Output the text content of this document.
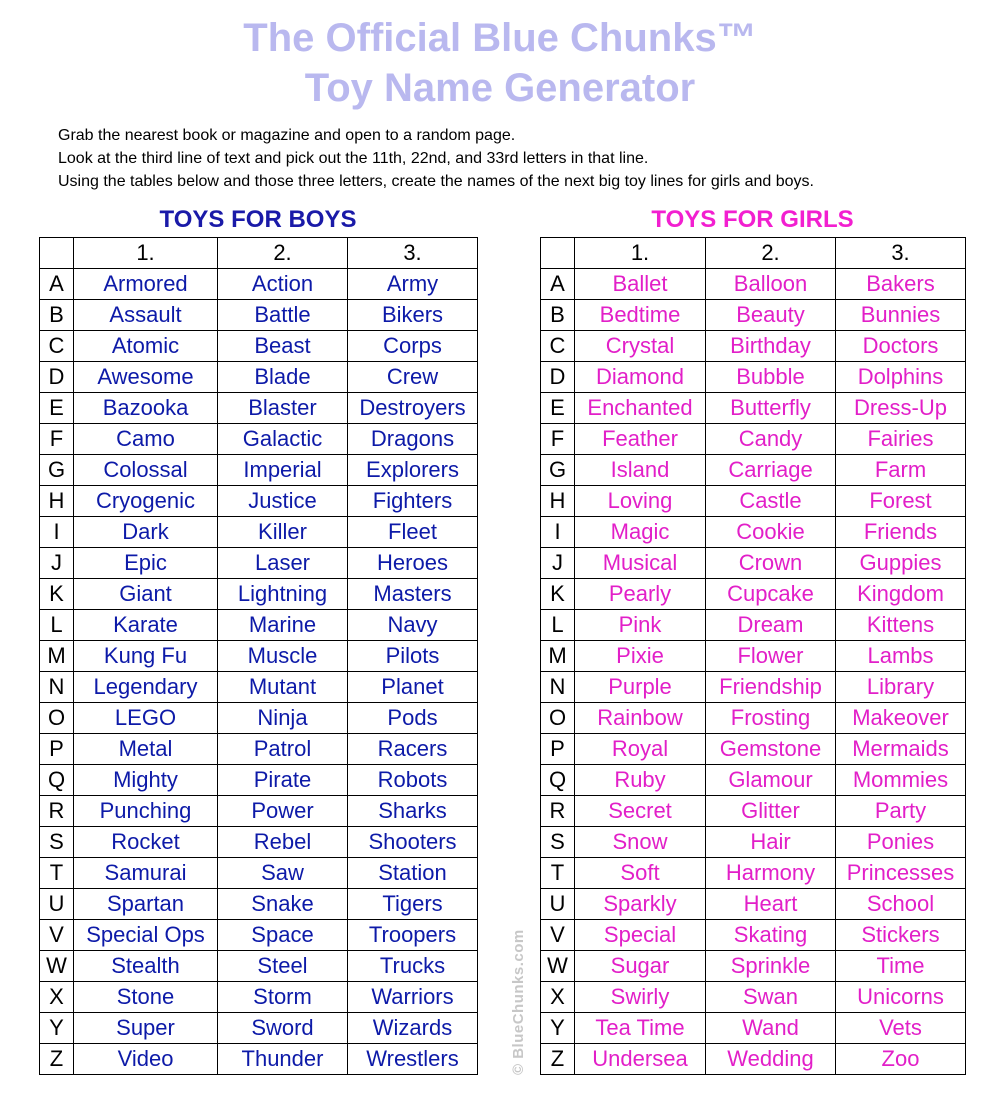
The Official Blue Chunks™
Toy Name Generator
Grab the nearest book or magazine and open to a random page.
Look at the third line of text and pick out the 11th, 22nd, and 33rd letters in that line.
Using the tables below and those three letters, create the names of the next big toy lines for girls and boys.
TOYS FOR BOYS	TOYS FOR GIRLS
	1.	2.	3.
A	Armored	Action	Army
B	Assault	Battle	Bikers
C	Atomic	Beast	Corps
D	Awesome	Blade	Crew
E	Bazooka	Blaster	Destroyers
F	Camo	Galactic	Dragons
G	Colossal	Imperial	Explorers
H	Cryogenic	Justice	Fighters
I	Dark	Killer	Fleet
J	Epic	Laser	Heroes
K	Giant	Lightning	Masters
L	Karate	Marine	Navy
M	Kung Fu	Muscle	Pilots
N	Legendary	Mutant	Planet
O	LEGO	Ninja	Pods
P	Metal	Patrol	Racers
Q	Mighty	Pirate	Robots
R	Punching	Power	Sharks
S	Rocket	Rebel	Shooters
T	Samurai	Saw	Station
U	Spartan	Snake	Tigers
V	Special Ops	Space	Troopers
W	Stealth	Steel	Trucks
X	Stone	Storm	Warriors
Y	Super	Sword	Wizards
Z	Video	Thunder	Wrestlers
	1.	2.	3.
A	Ballet	Balloon	Bakers
B	Bedtime	Beauty	Bunnies
C	Crystal	Birthday	Doctors
D	Diamond	Bubble	Dolphins
E	Enchanted	Butterfly	Dress-Up
F	Feather	Candy	Fairies
G	Island	Carriage	Farm
H	Loving	Castle	Forest
I	Magic	Cookie	Friends
J	Musical	Crown	Guppies
K	Pearly	Cupcake	Kingdom
L	Pink	Dream	Kittens
M	Pixie	Flower	Lambs
N	Purple	Friendship	Library
O	Rainbow	Frosting	Makeover
P	Royal	Gemstone	Mermaids
Q	Ruby	Glamour	Mommies
R	Secret	Glitter	Party
S	Snow	Hair	Ponies
T	Soft	Harmony	Princesses
U	Sparkly	Heart	School
V	Special	Skating	Stickers
W	Sugar	Sprinkle	Time
X	Swirly	Swan	Unicorns
Y	Tea Time	Wand	Vets
Z	Undersea	Wedding	Zoo
© BlueChunks.com
